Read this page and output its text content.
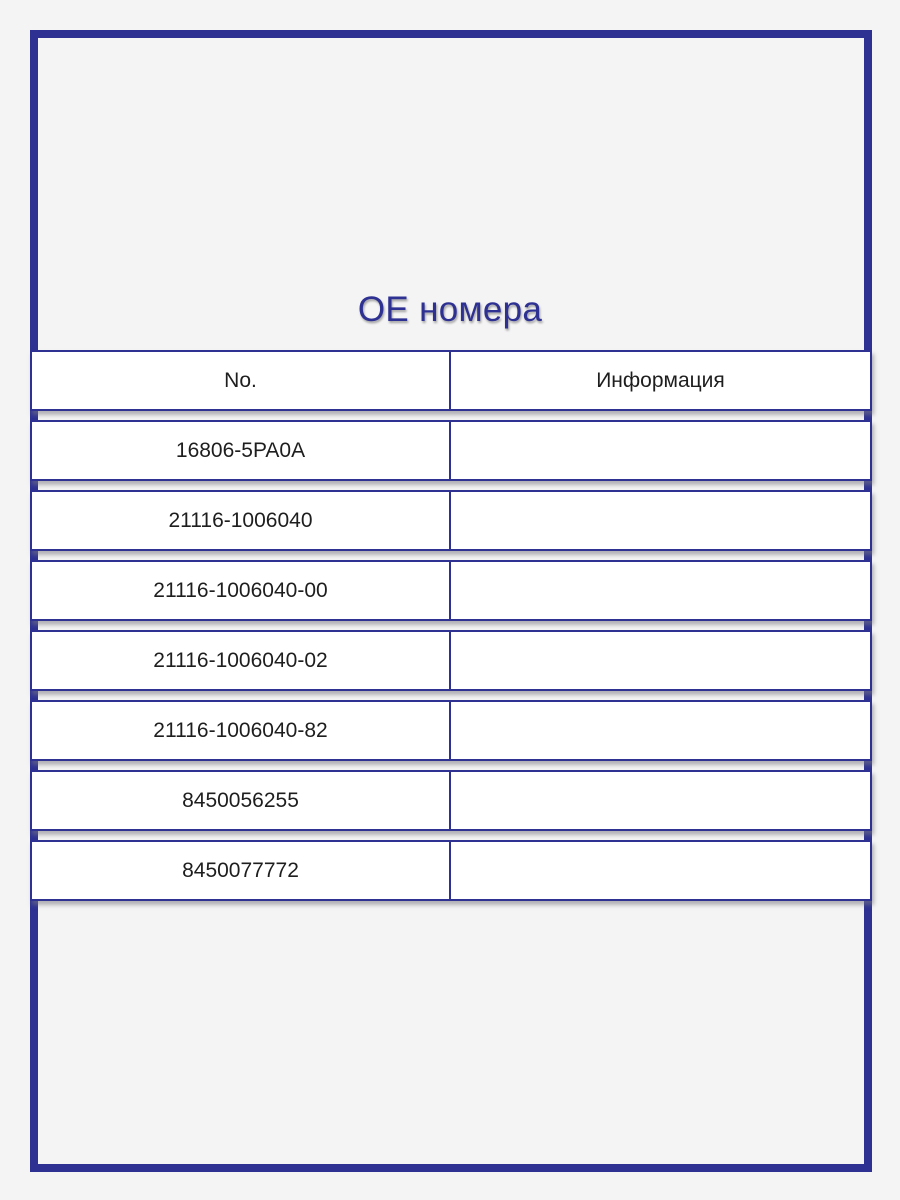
OE номера
No.	Информация
16806-5PA0A
21116-1006040
21116-1006040-00
21116-1006040-02
21116-1006040-82
8450056255
8450077772
